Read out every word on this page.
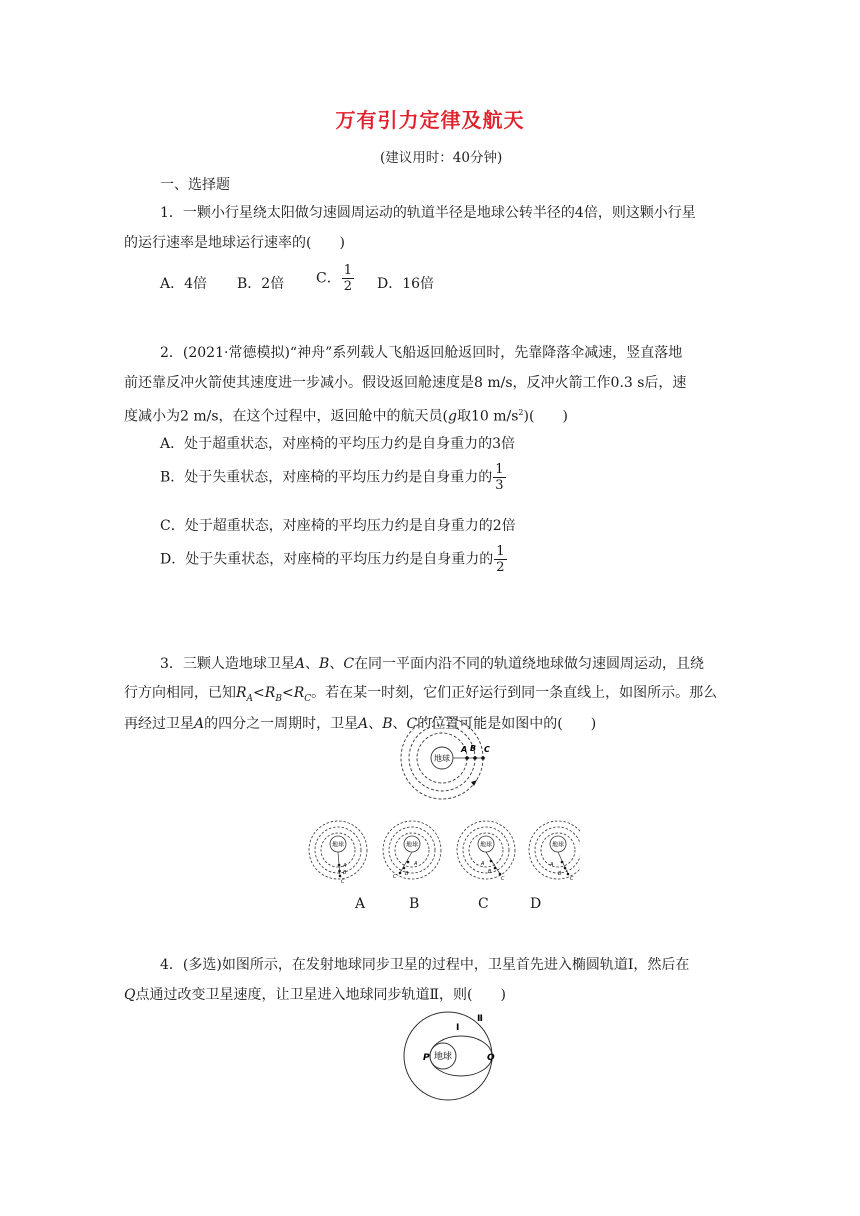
万有引力定律及航天
(建议用时：40分钟)
一、选择题
1．一颗小行星绕太阳做匀速圆周运动的轨道半径是地球公转半径的4倍，则这颗小行星
的运行速率是地球运行速率的(　　)
A．4倍 B．2倍 C． $\frac{1}{2}$ D．16倍
2．(2021·常德模拟)“神舟”系列载人飞船返回舱返回时，先靠降落伞减速，竖直落地
前还靠反冲火箭使其速度进一步减小。假设返回舱速度是8 m/s，反冲火箭工作0.3 s后，速
度减小为2 m/s，在这个过程中，返回舱中的航天员(g取10 $m/s^2$)(　　)
A．处于超重状态，对座椅的平均压力约是自身重力的3倍
B．处于失重状态，对座椅的平均压力约是自身重力的 $\frac{1}{3}$
C．处于超重状态，对座椅的平均压力约是自身重力的2倍
D．处于失重状态，对座椅的平均压力约是自身重力的 $\frac{1}{2}$
3．三颗人造地球卫星A、B、C在同一平面内沿不同的轨道绕地球做匀速圆周运动，且绕
行方向相同，已知$R_A<R_B<R_C$。若在某一时刻，它们正好运行到同一条直线上，如图所示。那么
再经过卫星A的四分之一周期时，卫星A、B、C的位置可能是如图中的(　　)
地球
A B C
地球
A
B
C
地球
A
B
C
地球
A
B
C
地球
A
B
C
A	B	C	D
4．(多选)如图所示，在发射地球同步卫星的过程中，卫星首先进入椭圆轨道Ⅰ，然后在
Q点通过改变卫星速度，让卫星进入地球同步轨道Ⅱ，则(　　)
地球
P	Q
Ⅰ
Ⅱ
